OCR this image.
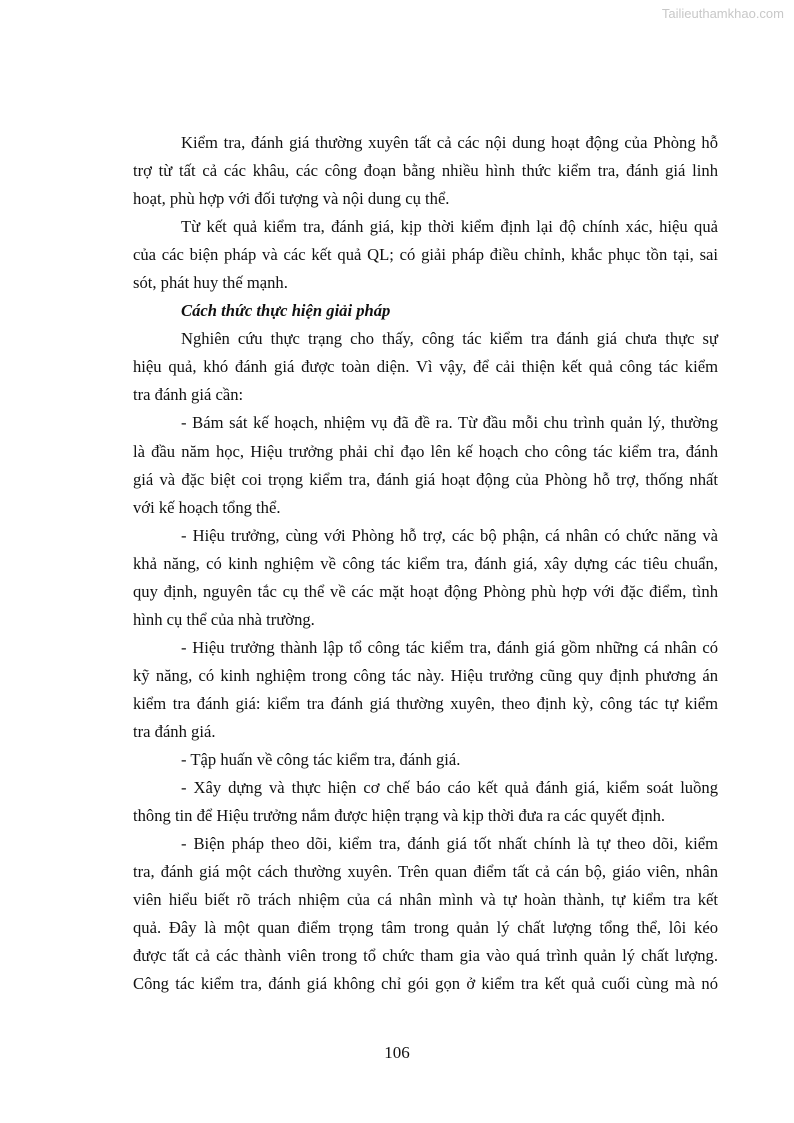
Tailieuthamkhao.com
Kiểm tra, đánh giá thường xuyên tất cả các nội dung hoạt động của Phòng hỗ
trợ từ tất cả các khâu, các công đoạn bằng nhiều hình thức kiểm tra, đánh giá linh
hoạt, phù hợp với đối tượng và nội dung cụ thể.
Từ kết quả kiểm tra, đánh giá, kịp thời kiểm định lại độ chính xác, hiệu quả
của các biện pháp và các kết quả QL; có giải pháp điều chỉnh, khắc phục tồn tại, sai
sót, phát huy thế mạnh.
Cách thức thực hiện giải pháp
Nghiên cứu thực trạng cho thấy, công tác kiểm tra đánh giá chưa thực sự
hiệu quả, khó đánh giá được toàn diện. Vì vậy, để cải thiện kết quả công tác kiểm
tra đánh giá cần:
- Bám sát kế hoạch, nhiệm vụ đã đề ra. Từ đầu mỗi chu trình quản lý, thường
là đầu năm học, Hiệu trưởng phải chỉ đạo lên kế hoạch cho công tác kiểm tra, đánh
giá và đặc biệt coi trọng kiểm tra, đánh giá hoạt động của Phòng hỗ trợ, thống nhất
với kế hoạch tổng thể.
- Hiệu trưởng, cùng với Phòng hỗ trợ, các bộ phận, cá nhân có chức năng và
khả năng, có kinh nghiệm về công tác kiểm tra, đánh giá, xây dựng các tiêu chuẩn,
quy định, nguyên tắc cụ thể về các mặt hoạt động Phòng phù hợp với đặc điểm, tình
hình cụ thể của nhà trường.
- Hiệu trưởng thành lập tổ công tác kiểm tra, đánh giá gồm những cá nhân có
kỹ năng, có kinh nghiệm trong công tác này. Hiệu trưởng cũng quy định phương án
kiểm tra đánh giá: kiểm tra đánh giá thường xuyên, theo định kỳ, công tác tự kiểm
tra đánh giá.
- Tập huấn về công tác kiểm tra, đánh giá.
- Xây dựng và thực hiện cơ chế báo cáo kết quả đánh giá, kiểm soát luồng
thông tin để Hiệu trưởng nắm được hiện trạng và kịp thời đưa ra các quyết định.
- Biện pháp theo dõi, kiểm tra, đánh giá tốt nhất chính là tự theo dõi, kiểm
tra, đánh giá một cách thường xuyên. Trên quan điểm tất cả cán bộ, giáo viên, nhân
viên hiểu biết rõ trách nhiệm của cá nhân mình và tự hoàn thành, tự kiểm tra kết
quả. Đây là một quan điểm trọng tâm trong quản lý chất lượng tổng thể, lôi kéo
được tất cả các thành viên trong tổ chức tham gia vào quá trình quản lý chất lượng.
Công tác kiểm tra, đánh giá không chỉ gói gọn ở kiểm tra kết quả cuối cùng mà nó
106
